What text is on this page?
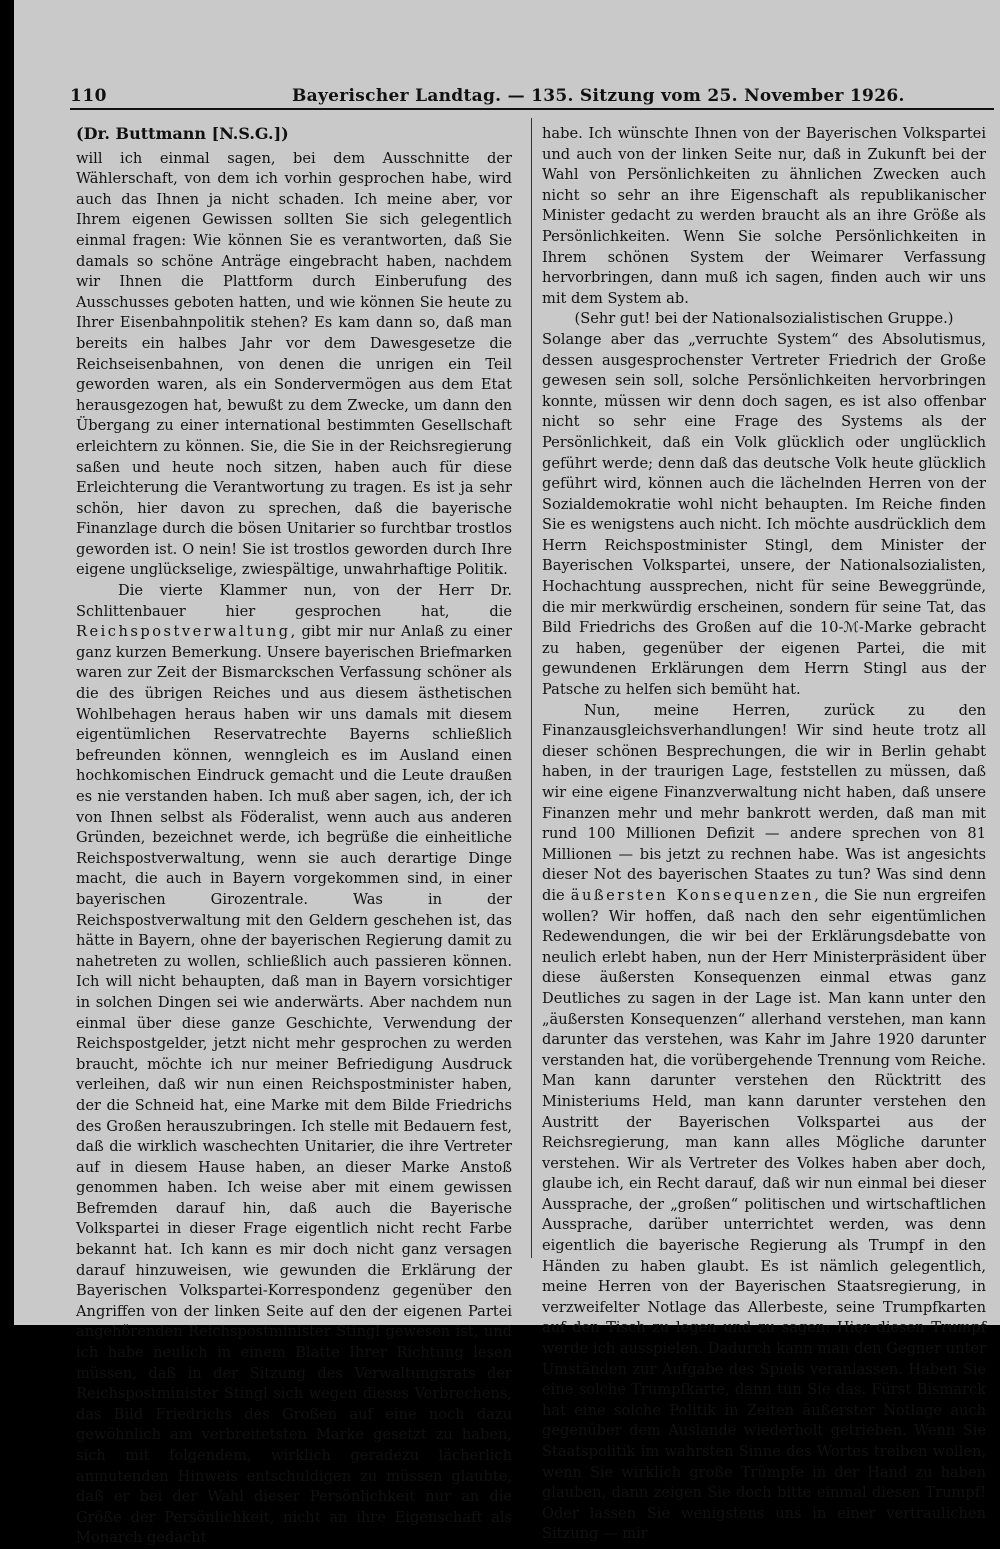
110	Bayerischer Landtag. — 135. Sitzung vom 25. November 1926.
(Dr. Buttmann [N.S.G.])

will ich einmal sagen, bei dem Ausschnitte der Wählerschaft, von dem ich vorhin gesprochen habe, wird auch das Ihnen ja nicht schaden. Ich meine aber, vor Ihrem eigenen Gewissen sollten Sie sich gelegentlich einmal fragen: Wie können Sie es verantworten, daß Sie damals so schöne Anträge eingebracht haben, nachdem wir Ihnen die Plattform durch Einberufung des Ausschusses geboten hatten, und wie können Sie heute zu Ihrer Eisenbahnpolitik stehen? Es kam dann so, daß man bereits ein halbes Jahr vor dem Dawesgesetze die Reichseisenbahnen, von denen die unrigen ein Teil geworden waren, als ein Sondervermögen aus dem Etat herausgezogen hat, bewußt zu dem Zwecke, um dann den Übergang zu einer international bestimmten Gesellschaft erleichtern zu können. Sie, die Sie in der Reichsregierung saßen und heute noch sitzen, haben auch für diese Erleichterung die Verantwortung zu tragen. Es ist ja sehr schön, hier davon zu sprechen, daß die bayerische Finanzlage durch die bösen Unitarier so furchtbar trostlos geworden ist. O nein! Sie ist trostlos geworden durch Ihre eigene unglückselige, zwiespältige, unwahrhaftige Politik.

Die vierte Klammer nun, von der Herr Dr. Schlittenbauer hier gesprochen hat, die Reichspostverwaltung, gibt mir nur Anlaß zu einer ganz kurzen Bemerkung. Unsere bayerischen Briefmarken waren zur Zeit der Bismarckschen Verfassung schöner als die des übrigen Reiches und aus diesem ästhetischen Wohlbehagen heraus haben wir uns damals mit diesem eigentümlichen Reservatrechte Bayerns schließlich befreunden können, wenngleich es im Ausland einen hochkomischen Eindruck gemacht und die Leute draußen es nie verstanden haben. Ich muß aber sagen, ich, der ich von Ihnen selbst als Föderalist, wenn auch aus anderen Gründen, bezeichnet werde, ich begrüße die einheitliche Reichspostverwaltung, wenn sie auch derartige Dinge macht, die auch in Bayern vorgekommen sind, in einer bayerischen Girozentrale. Was in der Reichspostverwaltung mit den Geldern geschehen ist, das hätte in Bayern, ohne der bayerischen Regierung damit zu nahetreten zu wollen, schließlich auch passieren können. Ich will nicht behaupten, daß man in Bayern vorsichtiger in solchen Dingen sei wie anderwärts. Aber nachdem nun einmal über diese ganze Geschichte, Verwendung der Reichspostgelder, jetzt nicht mehr gesprochen zu werden braucht, möchte ich nur meiner Befriedigung Ausdruck verleihen, daß wir nun einen Reichspostminister haben, der die Schneid hat, eine Marke mit dem Bilde Friedrichs des Großen herauszubringen. Ich stelle mit Bedauern fest, daß die wirklich waschechten Unitarier, die ihre Vertreter auf in diesem Hause haben, an dieser Marke Anstoß genommen haben. Ich weise aber mit einem gewissen Befremden darauf hin, daß auch die Bayerische Volkspartei in dieser Frage eigentlich nicht recht Farbe bekannt hat. Ich kann es mir doch nicht ganz versagen darauf hinzuweisen, wie gewunden die Erklärung der Bayerischen Volkspartei-Korrespondenz gegenüber den Angriffen von der linken Seite auf den der eigenen Partei angehörenden Reichspostminister Stingl gewesen ist, und ich habe neulich in einem Blatte Ihrer Richtung lesen müssen, daß in der Sitzung des Verwaltungsrats der Reichspostminister Stingl sich wegen dieses Verbrechens, das Bild Friedrichs des Großen auf eine noch dazu gewöhnlich am verbreitetsten Marke gesetzt zu haben, sich mit folgendem, wirklich geradezu lächerlich anmutenden Hinweis entschuldigen zu müssen glaubte, daß er bei der Wahl dieser Persönlichkeit nur an die Größe der Persönlichkeit, nicht an ihre Eigenschaft als Monarch gedacht

habe. Ich wünschte Ihnen von der Bayerischen Volkspartei und auch von der linken Seite nur, daß in Zukunft bei der Wahl von Persönlichkeiten zu ähnlichen Zwecken auch nicht so sehr an ihre Eigenschaft als republikanischer Minister gedacht zu werden braucht als an ihre Größe als Persönlichkeiten. Wenn Sie solche Persönlichkeiten in Ihrem schönen System der Weimarer Verfassung hervorbringen, dann muß ich sagen, finden auch wir uns mit dem System ab.

(Sehr gut! bei der Nationalsozialistischen Gruppe.)

Solange aber das „verruchte System“ des Absolutismus, dessen ausgesprochenster Vertreter Friedrich der Große gewesen sein soll, solche Persönlichkeiten hervorbringen konnte, müssen wir denn doch sagen, es ist also offenbar nicht so sehr eine Frage des Systems als der Persönlichkeit, daß ein Volk glücklich oder unglücklich geführt werde; denn daß das deutsche Volk heute glücklich geführt wird, können auch die lächelnden Herren von der Sozialdemokratie wohl nicht behaupten. Im Reiche finden Sie es wenigstens auch nicht. Ich möchte ausdrücklich dem Herrn Reichspostminister Stingl, dem Minister der Bayerischen Volkspartei, unsere, der Nationalsozialisten, Hochachtung aussprechen, nicht für seine Beweggründe, die mir merkwürdig erscheinen, sondern für seine Tat, das Bild Friedrichs des Großen auf die 10-ℳ-Marke gebracht zu haben, gegenüber der eigenen Partei, die mit gewundenen Erklärungen dem Herrn Stingl aus der Patsche zu helfen sich bemüht hat.

Nun, meine Herren, zurück zu den Finanzausgleichsverhandlungen! Wir sind heute trotz all dieser schönen Besprechungen, die wir in Berlin gehabt haben, in der traurigen Lage, feststellen zu müssen, daß wir eine eigene Finanzverwaltung nicht haben, daß unsere Finanzen mehr und mehr bankrott werden, daß man mit rund 100 Millionen Defizit — andere sprechen von 81 Millionen — bis jetzt zu rechnen habe. Was ist angesichts dieser Not des bayerischen Staates zu tun? Was sind denn die äußersten Konsequenzen, die Sie nun ergreifen wollen? Wir hoffen, daß nach den sehr eigentümlichen Redewendungen, die wir bei der Erklärungsdebatte von neulich erlebt haben, nun der Herr Ministerpräsident über diese äußersten Konsequenzen einmal etwas ganz Deutliches zu sagen in der Lage ist. Man kann unter den „äußersten Konsequenzen“ allerhand verstehen, man kann darunter das verstehen, was Kahr im Jahre 1920 darunter verstanden hat, die vorübergehende Trennung vom Reiche. Man kann darunter verstehen den Rücktritt des Ministeriums Held, man kann darunter verstehen den Austritt der Bayerischen Volkspartei aus der Reichsregierung, man kann alles Mögliche darunter verstehen. Wir als Vertreter des Volkes haben aber doch, glaube ich, ein Recht darauf, daß wir nun einmal bei dieser Aussprache, der „großen“ politischen und wirtschaftlichen Aussprache, darüber unterrichtet werden, was denn eigentlich die bayerische Regierung als Trumpf in den Händen zu haben glaubt. Es ist nämlich gelegentlich, meine Herren von der Bayerischen Staatsregierung, in verzweifelter Notlage das Allerbeste, seine Trumpfkarten auf den Tisch zu legen und zu sagen: Hier diesen Trumpf werde ich ausspielen. Dadurch kann man den Gegner unter Umständen zur Aufgabe des Spiels veranlassen. Haben Sie eine solche Trumpfkarte, dann tun Sie das. Fürst Bismarck hat eine solche Politik in Zeiten äußerster Notlage auch gegenüber dem Auslande wiederholt getrieben. Wenn Sie Staatspolitik im wahrsten Sinne des Wortes treiben wollen, wenn Sie wirklich große Trümpfe in der Hand zu haben glauben, dann zeigen Sie doch bitte einmal diesen Trumpf! Oder lassen Sie wenigstens uns in einer vertraulichen Sitzung — mir
